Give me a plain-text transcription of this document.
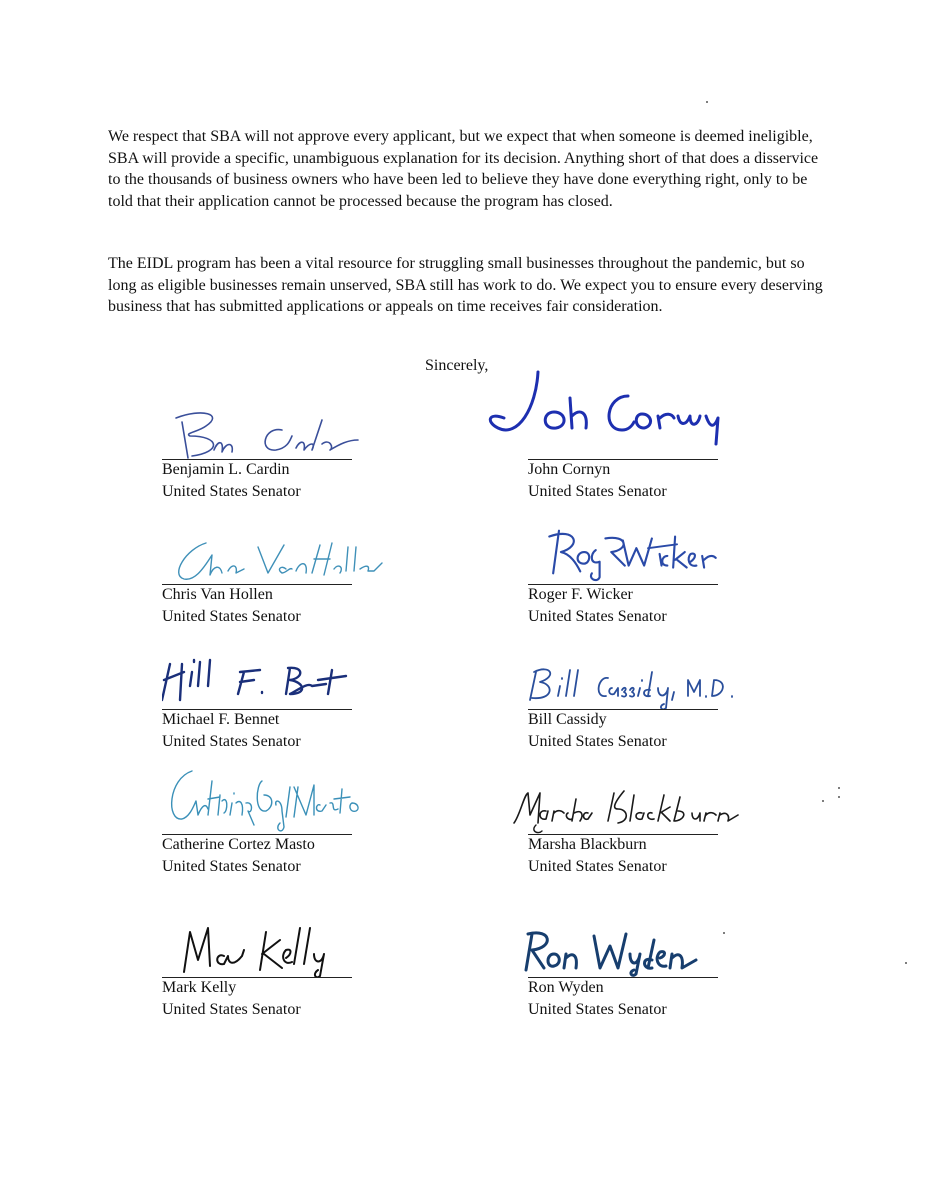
We respect that SBA will not approve every applicant, but we expect that when someone is deemed ineligible, SBA will provide a specific, unambiguous explanation for its decision. Anything short of that does a disservice to the thousands of business owners who have been led to believe they have done everything right, only to be told that their application cannot be processed because the program has closed.

The EIDL program has been a vital resource for struggling small businesses throughout the pandemic, but so long as eligible businesses remain unserved, SBA still has work to do. We expect you to ensure every deserving business that has submitted applications or appeals on time receives fair consideration.

Sincerely,
Benjamin L. Cardin
United States Senator
John Cornyn
United States Senator
Chris Van Hollen
United States Senator
Roger F. Wicker
United States Senator
Michael F. Bennet
United States Senator
Bill Cassidy
United States Senator
Catherine Cortez Masto
United States Senator
Marsha Blackburn
United States Senator
Mark Kelly
United States Senator
Ron Wyden
United States Senator
